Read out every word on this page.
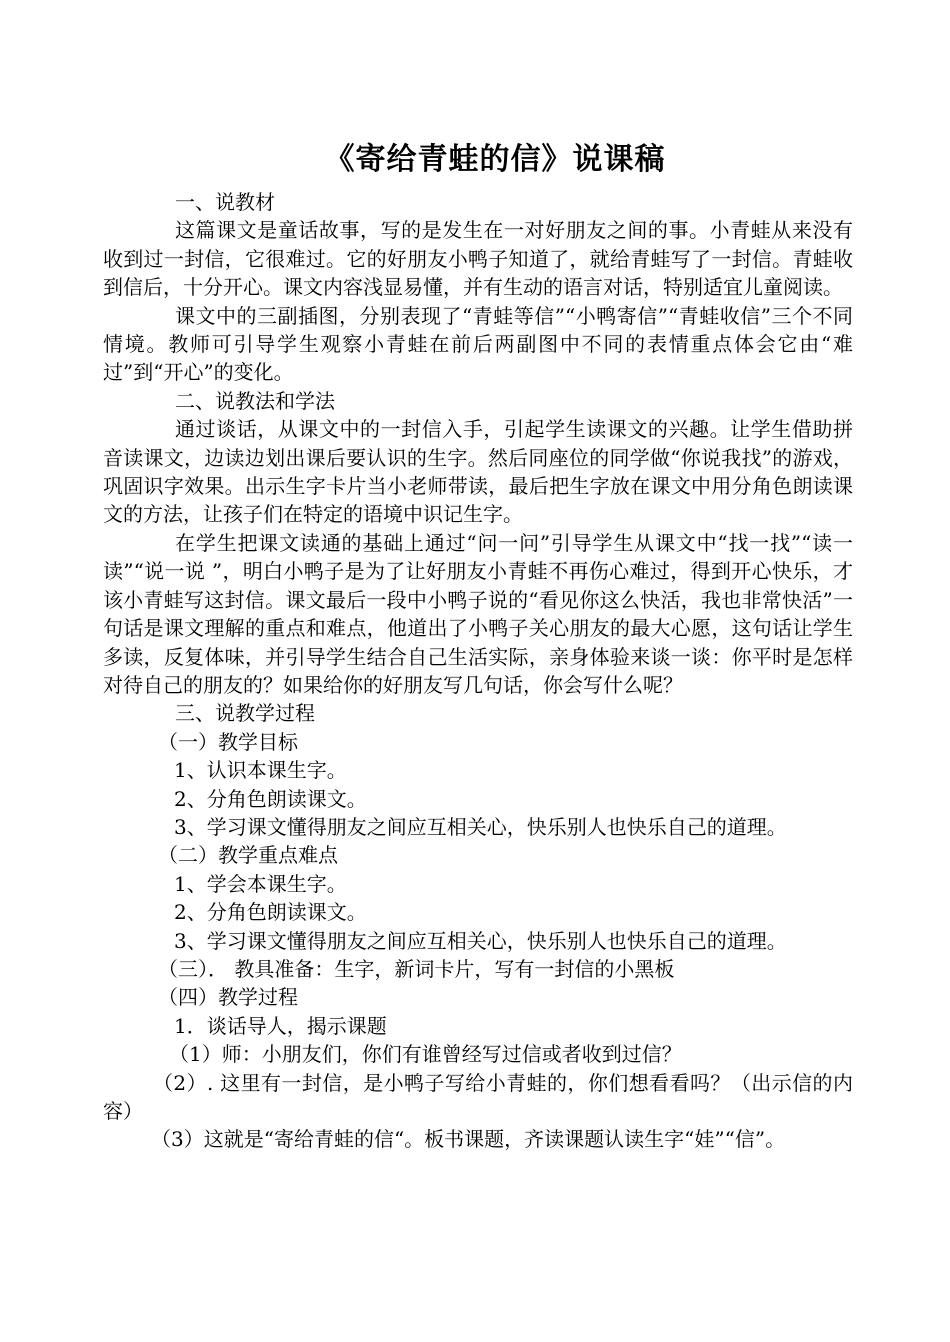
《寄给青蛙的信》说课稿

一、说教材

这篇课文是童话故事，写的是发生在一对好朋友之间的事。小青蛙从来没有收到过一封信，它很难过。它的好朋友小鸭子知道了，就给青蛙写了一封信。青蛙收到信后，十分开心。课文内容浅显易懂，并有生动的语言对话，特别适宜儿童阅读。

课文中的三副插图，分别表现了“青蛙等信”“小鸭寄信”“青蛙收信”三个不同情境。教师可引导学生观察小青蛙在前后两副图中不同的表情重点体会它由“难过”到“开心”的变化。

二、说教法和学法

通过谈话，从课文中的一封信入手，引起学生读课文的兴趣。让学生借助拼音读课文，边读边划出课后要认识的生字。然后同座位的同学做“你说我找”的游戏，巩固识字效果。出示生字卡片当小老师带读，最后把生字放在课文中用分角色朗读课文的方法，让孩子们在特定的语境中识记生字。

在学生把课文读通的基础上通过“问一问”引导学生从课文中“找一找”“读一读”“说一说 ”，明白小鸭子是为了让好朋友小青蛙不再伤心难过，得到开心快乐，才该小青蛙写这封信。课文最后一段中小鸭子说的“看见你这么快活，我也非常快活”一句话是课文理解的重点和难点，他道出了小鸭子关心朋友的最大心愿，这句话让学生多读，反复体味，并引导学生结合自己生活实际，亲身体验来谈一谈：你平时是怎样对待自己的朋友的？如果给你的好朋友写几句话，你会写什么呢？

三、说教学过程

（一）教学目标

1、认识本课生字。

2、分角色朗读课文。

3、学习课文懂得朋友之间应互相关心，快乐别人也快乐自己的道理。

（二）教学重点难点

1、学会本课生字。

2、分角色朗读课文。

3、学习课文懂得朋友之间应互相关心，快乐别人也快乐自己的道理。

（三）． 教具准备：生字，新词卡片，写有一封信的小黑板

（四）教学过程

1．谈话导人，揭示课题

（1）师：小朋友们，你们有谁曾经写过信或者收到过信？

（2）. 这里有一封信，是小鸭子写给小青蛙的，你们想看看吗？（出示信的内容）

（3）这就是“寄给青蛙的信“。板书课题，齐读课题认读生字“娃”“信”。
